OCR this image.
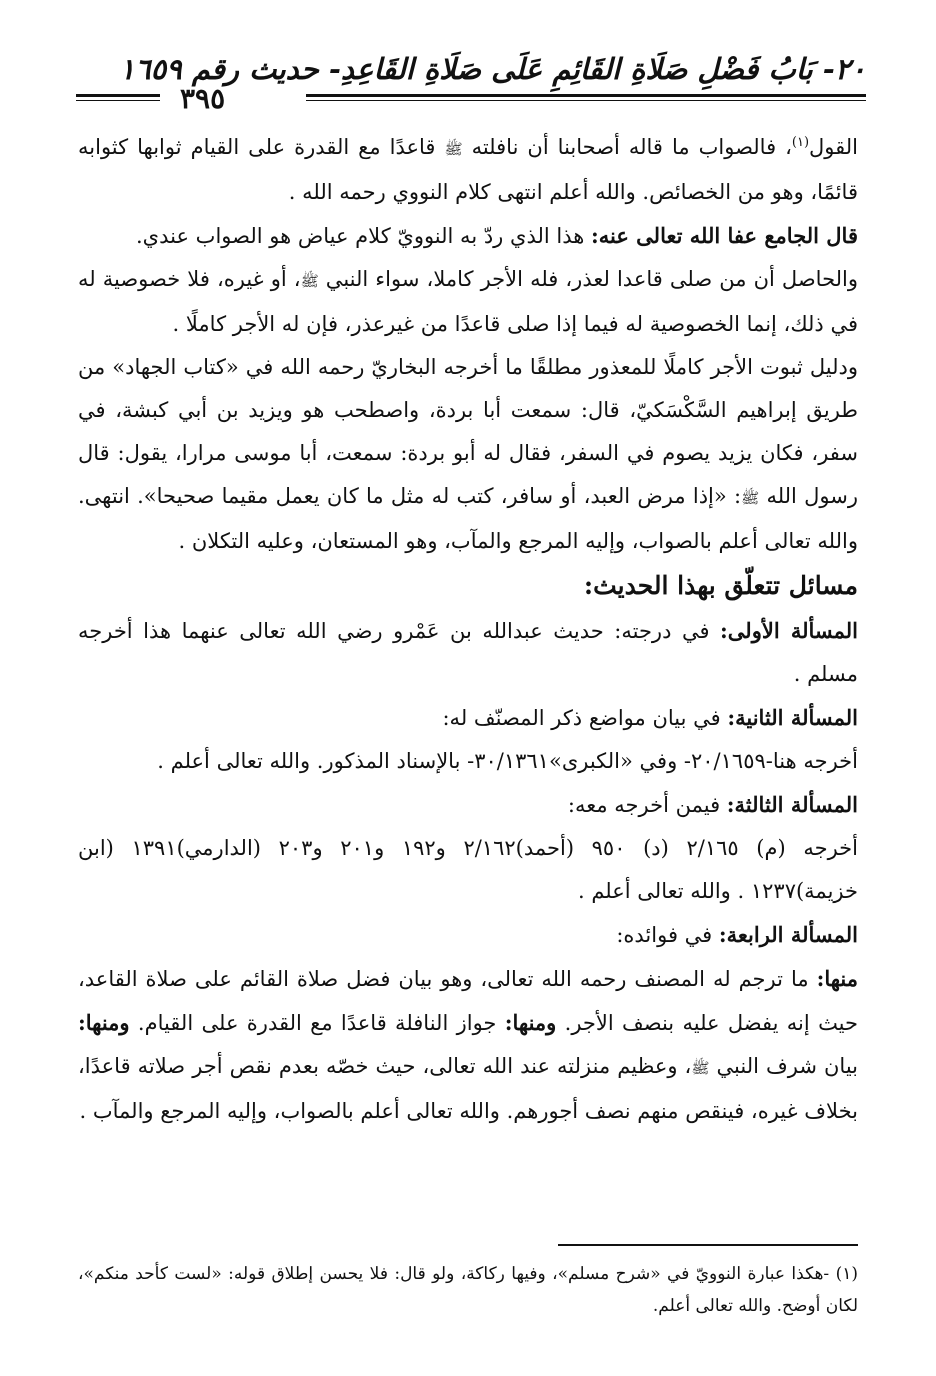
٢٠- بَابُ فَضْلِ صَلَاةِ القَائِمِ عَلَى صَلَاةِ القَاعِدِ- حديث رقم ١٦٥٩
٣٩٥

القول$^{(١)}$، فالصواب ما قاله أصحابنا أن نافلته ﷺ قاعدًا مع القدرة على القيام ثوابها كثوابه قائمًا، وهو من الخصائص. والله أعلم انتهى كلام النووي رحمه الله .

قال الجامع عفا الله تعالى عنه: هذا الذي ردّ به النوويّ كلام عياض هو الصواب عندي.

والحاصل أن من صلى قاعدا لعذر، فله الأجر كاملا، سواء النبي ﷺ، أو غيره، فلا خصوصية له في ذلك، إنما الخصوصية له فيما إذا صلى قاعدًا من غيرعذر، فإن له الأجر كاملًا .

ودليل ثبوت الأجر كاملًا للمعذور مطلقًا ما أخرجه البخاريّ رحمه الله في «كتاب الجهاد» من طريق إبراهيم السَّكْسَكيّ، قال: سمعت أبا بردة، واصطحب هو ويزيد بن أبي كبشة، في سفر، فكان يزيد يصوم في السفر، فقال له أبو بردة: سمعت، أبا موسى مرارا، يقول: قال رسول الله ﷺ: «إذا مرض العبد، أو سافر، كتب له مثل ما كان يعمل مقيما صحيحا». انتهى. والله تعالى أعلم بالصواب، وإليه المرجع والمآب، وهو المستعان، وعليه التكلان .

مسائل تتعلّق بهذا الحديث:

المسألة الأولى: في درجته: حديث عبدالله بن عَمْرو رضي الله تعالى عنهما هذا أخرجه مسلم .

المسألة الثانية: في بيان مواضع ذكر المصنّف له:

أخرجه هنا-٢٠/١٦٥٩- وفي «الكبرى»٣٠/١٣٦١- بالإسناد المذكور. والله تعالى أعلم .

المسألة الثالثة: فيمن أخرجه معه:

أخرجه (م) ٢/١٦٥ (د) ٩٥٠ (أحمد)٢/١٦٢ و١٩٢ و٢٠١ و٢٠٣ (الدارمي)١٣٩١ (ابن خزيمة)١٢٣٧ . والله تعالى أعلم .

المسألة الرابعة: في فوائده:

منها: ما ترجم له المصنف رحمه الله تعالى، وهو بيان فضل صلاة القائم على صلاة القاعد، حيث إنه يفضل عليه بنصف الأجر. ومنها: جواز النافلة قاعدًا مع القدرة على القيام. ومنها: بيان شرف النبي ﷺ، وعظيم منزلته عند الله تعالى، حيث خصّه بعدم نقص أجر صلاته قاعدًا، بخلاف غيره، فينقص منهم نصف أجورهم. والله تعالى أعلم بالصواب، وإليه المرجع والمآب .

(١) -هكذا عبارة النوويّ في «شرح مسلم»، وفيها ركاكة، ولو قال: فلا يحسن إطلاق قوله: «لست كأحد منكم»، لكان أوضح. والله تعالى أعلم.
